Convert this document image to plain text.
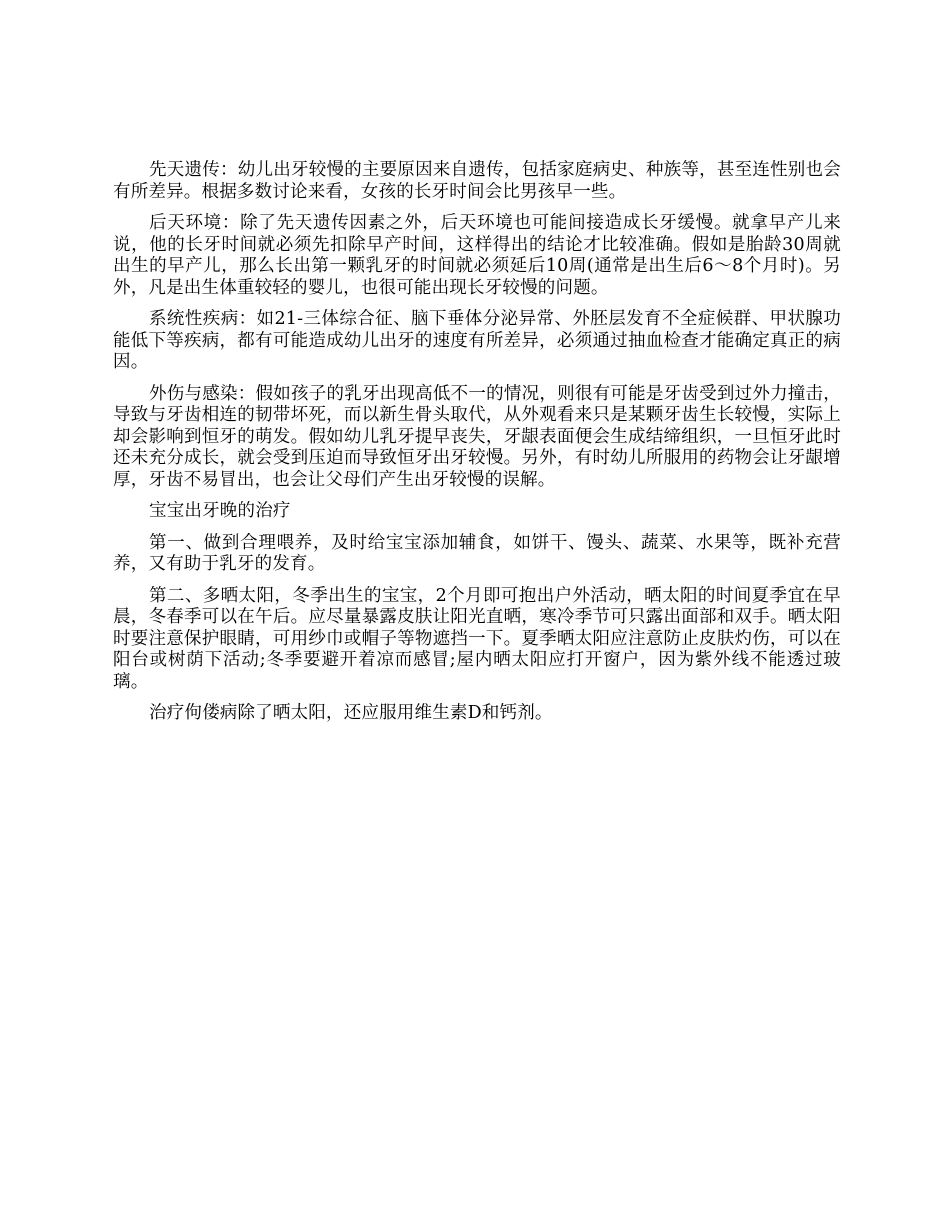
先天遗传：幼儿出牙较慢的主要原因来自遗传，包括家庭病史、种族等，甚至连性别也会有所差异。根据多数讨论来看，女孩的长牙时间会比男孩早一些。

后天环境：除了先天遗传因素之外，后天环境也可能间接造成长牙缓慢。就拿早产儿来说，他的长牙时间就必须先扣除早产时间，这样得出的结论才比较准确。假如是胎龄30周就出生的早产儿，那么长出第一颗乳牙的时间就必须延后10周(通常是出生后6～8个月时)。另外，凡是出生体重较轻的婴儿，也很可能出现长牙较慢的问题。

系统性疾病：如21-三体综合征、脑下垂体分泌异常、外胚层发育不全症候群、甲状腺功能低下等疾病，都有可能造成幼儿出牙的速度有所差异，必须通过抽血检查才能确定真正的病因。

外伤与感染：假如孩子的乳牙出现高低不一的情况，则很有可能是牙齿受到过外力撞击，导致与牙齿相连的韧带坏死，而以新生骨头取代，从外观看来只是某颗牙齿生长较慢，实际上却会影响到恒牙的萌发。假如幼儿乳牙提早丧失，牙龈表面便会生成结缔组织，一旦恒牙此时还未充分成长，就会受到压迫而导致恒牙出牙较慢。另外，有时幼儿所服用的药物会让牙龈增厚，牙齿不易冒出，也会让父母们产生出牙较慢的误解。

宝宝出牙晚的治疗

第一、做到合理喂养，及时给宝宝添加辅食，如饼干、馒头、蔬菜、水果等，既补充营养，又有助于乳牙的发育。

第二、多晒太阳，冬季出生的宝宝，2个月即可抱出户外活动，晒太阳的时间夏季宜在早晨，冬春季可以在午后。应尽量暴露皮肤让阳光直晒，寒冷季节可只露出面部和双手。晒太阳时要注意保护眼睛，可用纱巾或帽子等物遮挡一下。夏季晒太阳应注意防止皮肤灼伤，可以在阳台或树荫下活动;冬季要避开着凉而感冒;屋内晒太阳应打开窗户，因为紫外线不能透过玻璃。

治疗佝偻病除了晒太阳，还应服用维生素D和钙剂。
